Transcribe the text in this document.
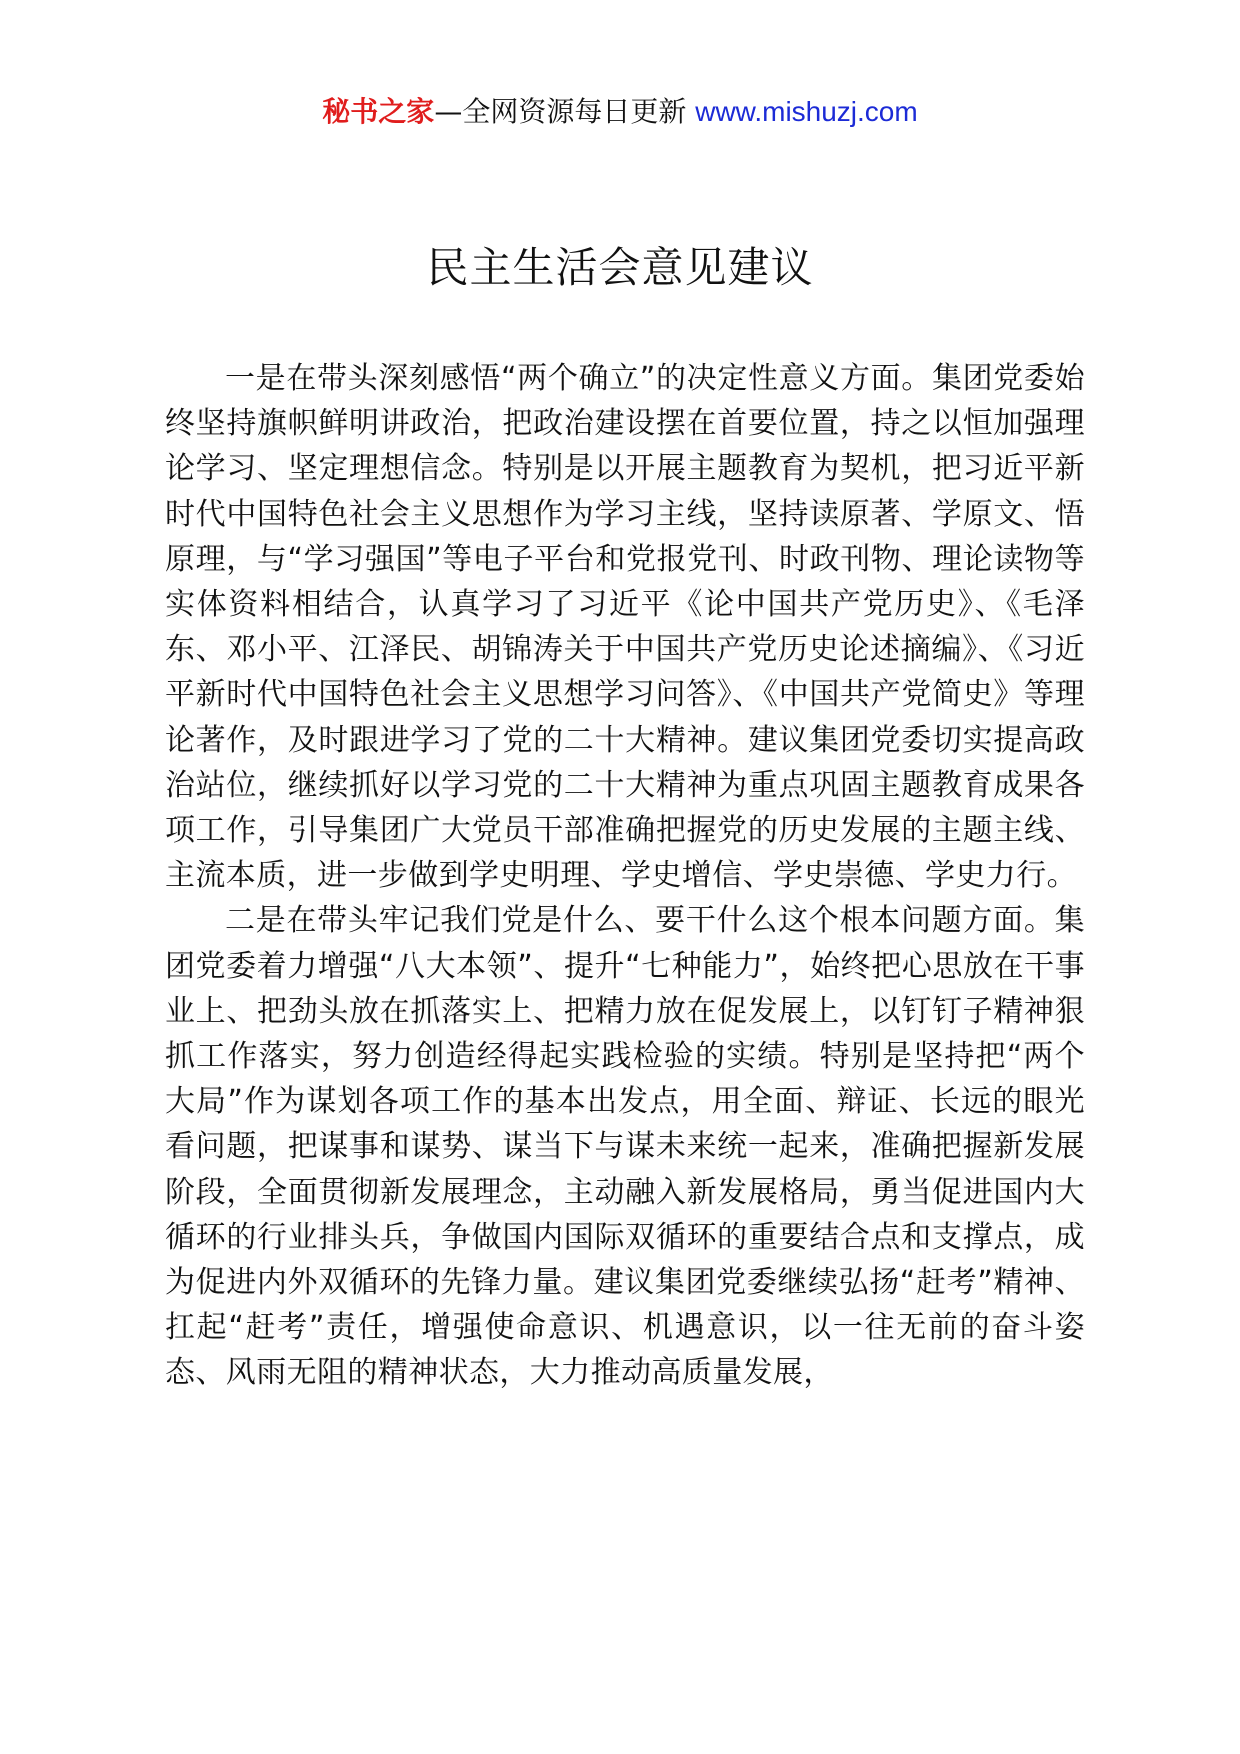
秘书之家—全网资源每日更新 www.mishuzj.com
民主生活会意见建议

一是在带头深刻感悟“两个确立”的决定性意义方面。集团党委始终坚持旗帜鲜明讲政治，把政治建设摆在首要位置，持之以恒加强理论学习、坚定理想信念。特别是以开展主题教育为契机，把习近平新时代中国特色社会主义思想作为学习主线，坚持读原著、学原文、悟原理，与“学习强国”等电子平台和党报党刊、时政刊物、理论读物等实体资料相结合，认真学习了习近平《论中国共产党历史》、《毛泽东、邓小平、江泽民、胡锦涛关于中国共产党历史论述摘编》、《习近平新时代中国特色社会主义思想学习问答》、《中国共产党简史》等理论著作，及时跟进学习了党的二十大精神。建议集团党委切实提高政治站位，继续抓好以学习党的二十大精神为重点巩固主题教育成果各项工作，引导集团广大党员干部准确把握党的历史发展的主题主线、主流本质，进一步做到学史明理、学史增信、学史崇德、学史力行。

二是在带头牢记我们党是什么、要干什么这个根本问题方面。集团党委着力增强“八大本领”、提升“七种能力”，始终把心思放在干事业上、把劲头放在抓落实上、把精力放在促发展上，以钉钉子精神狠抓工作落实，努力创造经得起实践检验的实绩。特别是坚持把“两个大局”作为谋划各项工作的基本出发点，用全面、辩证、长远的眼光看问题，把谋事和谋势、谋当下与谋未来统一起来，准确把握新发展阶段，全面贯彻新发展理念，主动融入新发展格局，勇当促进国内大循环的行业排头兵，争做国内国际双循环的重要结合点和支撑点，成为促进内外双循环的先锋力量。建议集团党委继续弘扬“赶考”精神、扛起“赶考”责任，增强使命意识、机遇意识，以一往无前的奋斗姿态、风雨无阻的精神状态，大力推动高质量发展，
